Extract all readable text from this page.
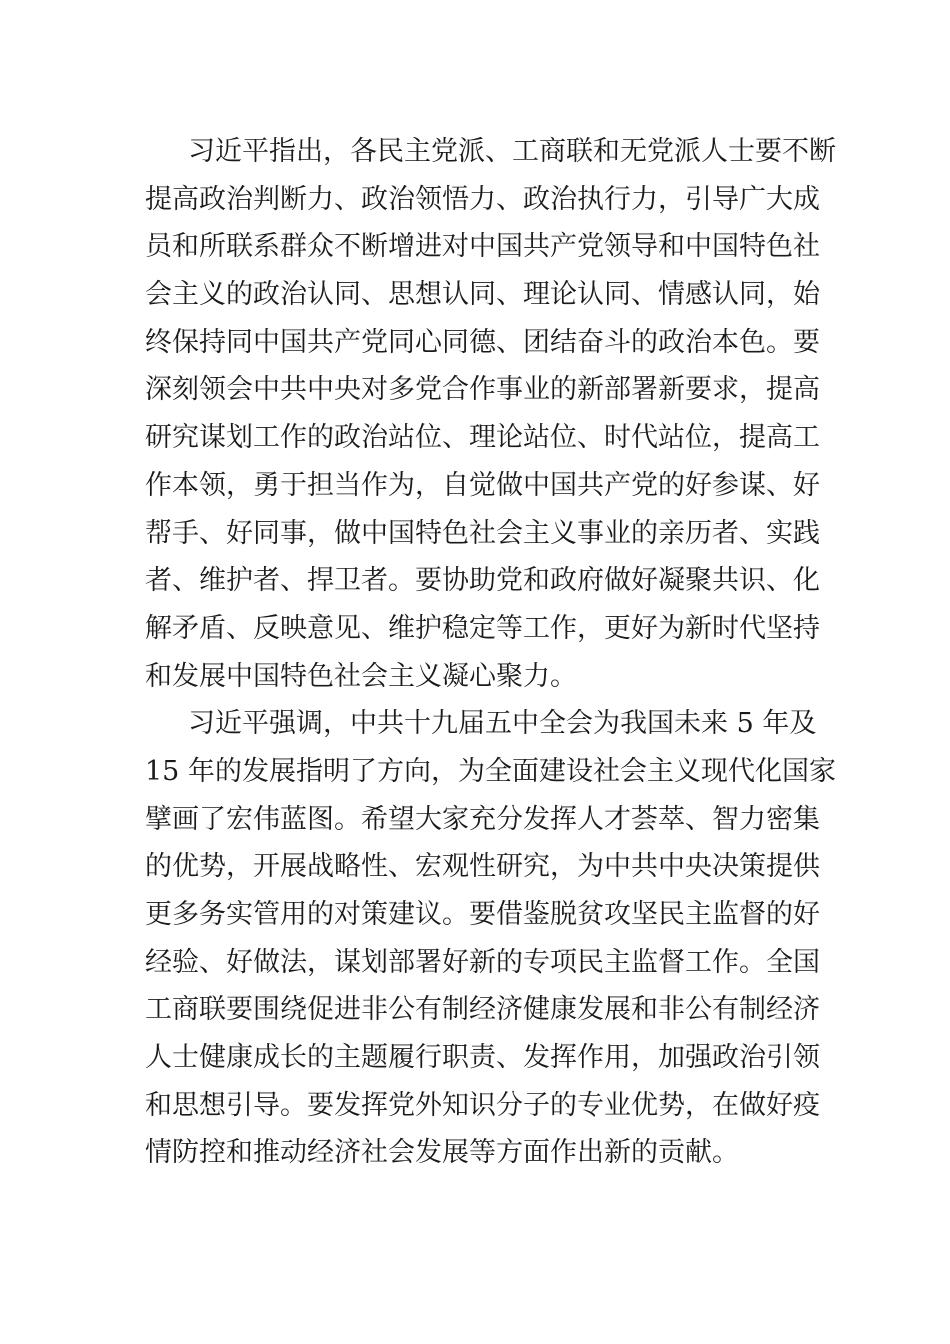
习近平指出，各民主党派、工商联和无党派人士要不断
提高政治判断力、政治领悟力、政治执行力，引导广大成
员和所联系群众不断增进对中国共产党领导和中国特色社
会主义的政治认同、思想认同、理论认同、情感认同，始
终保持同中国共产党同心同德、团结奋斗的政治本色。要
深刻领会中共中央对多党合作事业的新部署新要求，提高
研究谋划工作的政治站位、理论站位、时代站位，提高工
作本领，勇于担当作为，自觉做中国共产党的好参谋、好
帮手、好同事，做中国特色社会主义事业的亲历者、实践
者、维护者、捍卫者。要协助党和政府做好凝聚共识、化
解矛盾、反映意见、维护稳定等工作，更好为新时代坚持
和发展中国特色社会主义凝心聚力。
习近平强调，中共十九届五中全会为我国未来 5 年及
15 年的发展指明了方向，为全面建设社会主义现代化国家
擘画了宏伟蓝图。希望大家充分发挥人才荟萃、智力密集
的优势，开展战略性、宏观性研究，为中共中央决策提供
更多务实管用的对策建议。要借鉴脱贫攻坚民主监督的好
经验、好做法，谋划部署好新的专项民主监督工作。全国
工商联要围绕促进非公有制经济健康发展和非公有制经济
人士健康成长的主题履行职责、发挥作用，加强政治引领
和思想引导。要发挥党外知识分子的专业优势，在做好疫
情防控和推动经济社会发展等方面作出新的贡献。
